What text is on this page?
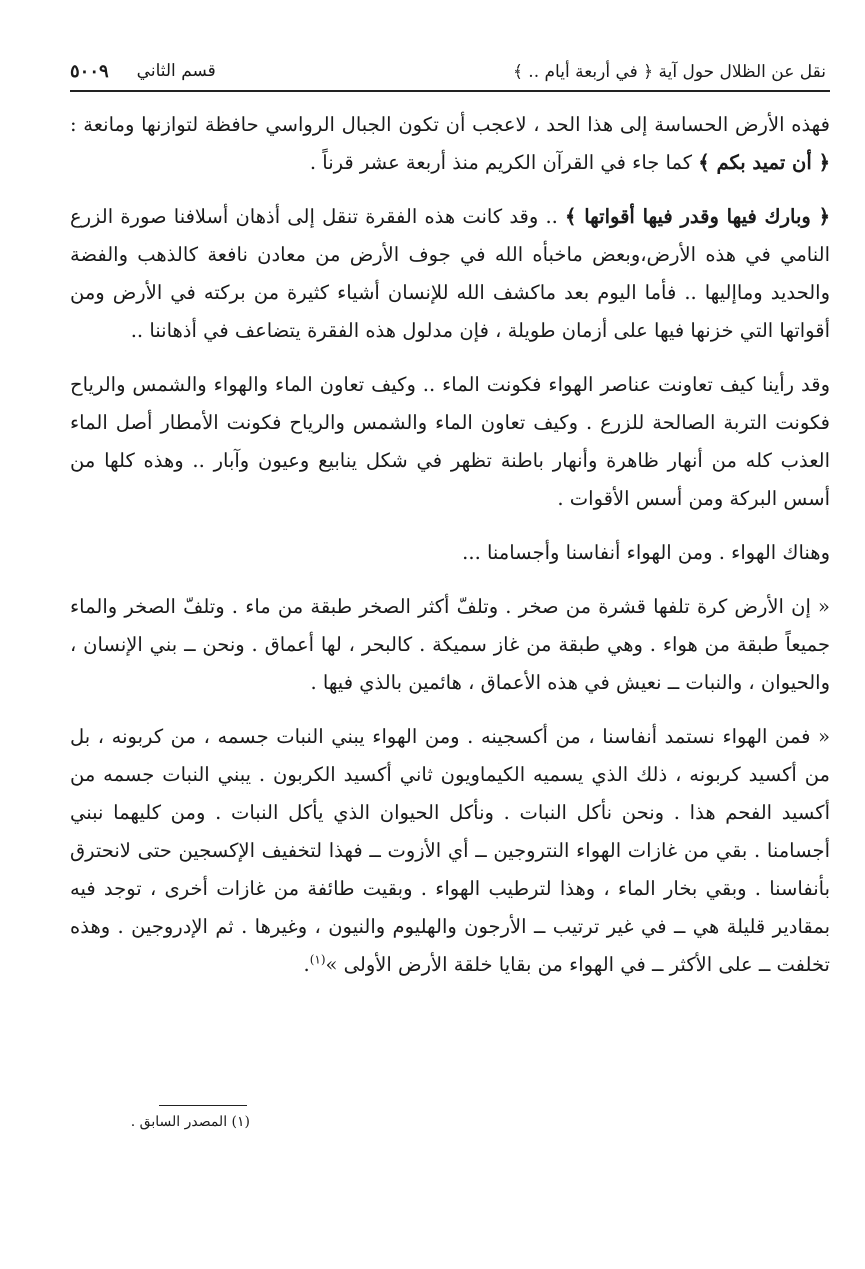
نقل عن الظلال حول آية ﴿ في أربعة أيام .. ﴾
قسم الثاني
٥٠٠٩

فهذه الأرض الحساسة إلى هذا الحد ، لاعجب أن تكون الجبال الرواسي حافظة لتوازنها ومانعة : ﴿ أن تميد بكم ﴾ كما جاء في القرآن الكريم منذ أربعة عشر قرناً .

﴿ وبارك فيها وقدر فيها أقواتها ﴾ .. وقد كانت هذه الفقرة تنقل إلى أذهان أسلافنا صورة الزرع النامي في هذه الأرض،وبعض ماخبأه الله في جوف الأرض من معادن نافعة كالذهب والفضة والحديد وماإليها .. فأما اليوم بعد ماكشف الله للإنسان أشياء كثيرة من بركته في الأرض ومن أقواتها التي خزنها فيها على أزمان طويلة ، فإن مدلول هذه الفقرة يتضاعف في أذهاننا ..

وقد رأينا كيف تعاونت عناصر الهواء فكونت الماء .. وكيف تعاون الماء والهواء والشمس والرياح فكونت التربة الصالحة للزرع . وكيف تعاون الماء والشمس والرياح فكونت الأمطار أصل الماء العذب كله من أنهار ظاهرة وأنهار باطنة تظهر في شكل ينابيع وعيون وآبار .. وهذه كلها من أسس البركة ومن أسس الأقوات .

وهناك الهواء . ومن الهواء أنفاسنا وأجسامنا ...

« إن الأرض كرة تلفها قشرة من صخر . وتلفّ أكثر الصخر طبقة من ماء . وتلفّ الصخر والماء جميعاً طبقة من هواء . وهي طبقة من غاز سميكة . كالبحر ، لها أعماق . ونحن ــ بني الإنسان ، والحيوان ، والنبات ــ نعيش في هذه الأعماق ، هائمين بالذي فيها .

« فمن الهواء نستمد أنفاسنا ، من أكسجينه . ومن الهواء يبني النبات جسمه ، من كربونه ، بل من أكسيد كربونه ، ذلك الذي يسميه الكيماويون ثاني أكسيد الكربون . يبني النبات جسمه من أكسيد الفحم هذا . ونحن نأكل النبات . ونأكل الحيوان الذي يأكل النبات . ومن كليهما نبني أجسامنا . بقي من غازات الهواء النتروجين ــ أي الأزوت ــ فهذا لتخفيف الإكسجين حتى لانحترق بأنفاسنا . وبقي بخار الماء ، وهذا لترطيب الهواء . وبقيت طائفة من غازات أخرى ، توجد فيه بمقادير قليلة هي ــ في غير ترتيب ــ الأرجون والهليوم والنيون ، وغيرها . ثم الإدروجين . وهذه تخلفت ــ على الأكثر ــ في الهواء من بقايا خلقة الأرض الأولى »$^{(١)}$.

(١) المصدر السابق .
